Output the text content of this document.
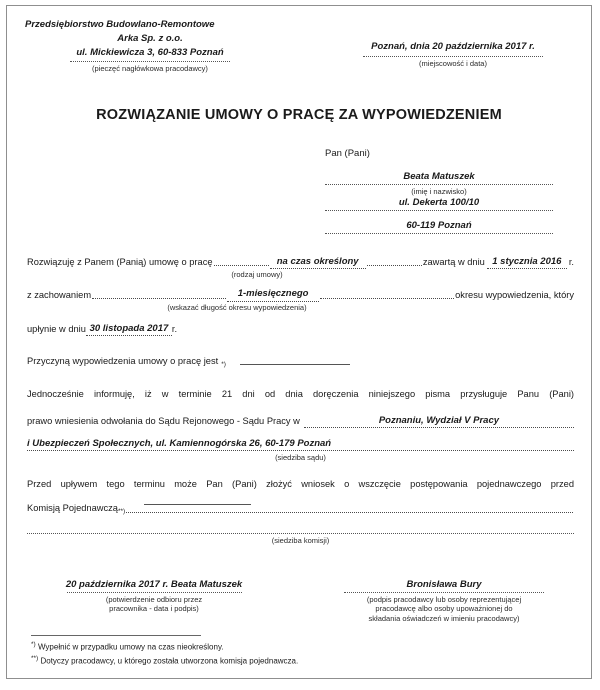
Przedsiębiorstwo Budowlano-Remontowe
Arka Sp. z o.o.
ul. Mickiewicza 3, 60-833 Poznań
(pieczęć nagłówkowa pracodawcy)
Poznań, dnia 20 października 2017 r.
(miejscowość i data)
ROZWIĄZANIE UMOWY O PRACĘ ZA WYPOWIEDZENIEM
Pan (Pani)
Beata Matuszek
(imię i nazwisko)
ul. Dekerta 100/10
60-119 Poznań
Rozwiązuję z Panem (Panią) umowę o pracę	na czas określony	zawartą w dniu 1 stycznia 2016 r.
(rodzaj umowy)
z zachowaniem	1-miesięcznego	okresu wypowiedzenia, który
(wskazać długość okresu wypowiedzenia)
upłynie w dniu 30 listopada 2017 r.
Przyczyną wypowiedzenia umowy o pracę jest *)
Jednocześnie informuję, iż w terminie 21 dni od dnia doręczenia niniejszego pisma przysługuje Panu (Pani)
prawo wniesienia odwołania do Sądu Rejonowego - Sądu Pracy w	Poznaniu, Wydział V Pracy
i Ubezpieczeń Społecznych, ul. Kamiennogórska 26, 60-179 Poznań
(siedziba sądu)
Przed upływem tego terminu może Pan (Pani) złożyć wniosek o wszczęcie postępowania pojednawczego przed
Komisją Pojednawczą **)
(siedziba komisji)
20 października 2017 r. Beata Matuszek
(potwierdzenie odbioru przez
pracownika - data i podpis)
Bronisława Bury
(podpis pracodawcy lub osoby reprezentującej
pracodawcę albo osoby upoważnionej do
składania oświadczeń w imieniu pracodawcy)
*) Wypełnić w przypadku umowy na czas nieokreślony.
**) Dotyczy pracodawcy, u którego została utworzona komisja pojednawcza.
